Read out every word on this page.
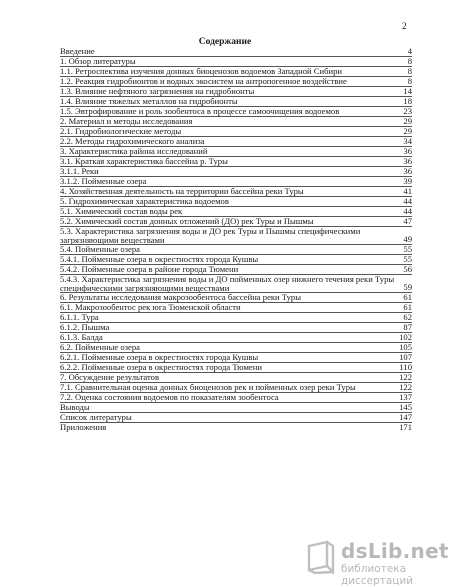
2
Содержание
Введение	4
1. Обзор литературы	8
1.1. Ретроспектива изучения донных биоценозов водоемов Западной Сибири	8
1.2. Реакция гидробионтов и водных экосистем на антропогенное воздействие	8
1.3. Влияние нефтяного загрязнения на гидробионты	14
1.4. Влияние тяжелых металлов на гидробионты	18
1.5. Эвтрофирование и роль зообентоса в процессе самоочищения водоемов	23
2. Материал и методы исследования	29
2.1. Гидробиологические методы	29
2.2. Методы гидрохимического анализа	34
3. Характеристика района исследований	36
3.1. Краткая характеристика бассейна р. Туры	36
3.1.1. Реки	36
3.1.2. Пойменные озера	39
4. Хозяйственная деятельность на территории бассейна реки Туры	41
5. Гидрохимическая характеристика водоемов	44
5.1. Химический состав воды рек	44
5.2. Химический состав донных отложений (ДО) рек Туры и Пышмы	47
5.3. Характеристика загрязнения воды и ДО рек Туры и Пышмы специфическими загрязняющими веществами	49
5.4. Пойменные озера	55
5.4.1. Пойменные озера в окрестностях города Кушвы	55
5.4.2. Пойменные озера в районе города Тюмени	56
5.4.3. Характеристика загрязнения воды и ДО пойменных озер нижнего течения реки Туры специфическими загрязняющими веществами	59
6. Результаты исследования макрозообентоса бассейна реки Туры	61
6.1. Макрозообентос рек юга Тюменской области	61
6.1.1. Тура	62
6.1.2. Пышма	87
6.1.3. Балда	102
6.2. Пойменные озера	105
6.2.1. Пойменные озера в окрестностях города Кушвы	107
6.2.2. Пойменные озера в окрестностях города Тюмени	110
7. Обсуждение результатов	122
7.1. Сравнительная оценка донных биоценозов рек и пойменных озер реки Туры	122
7.2. Оценка состояния водоемов по показателям зообентоса	137
Выводы	145
Список литературы	147
Приложения	171
dsLib.net
библиотека диссертаций
